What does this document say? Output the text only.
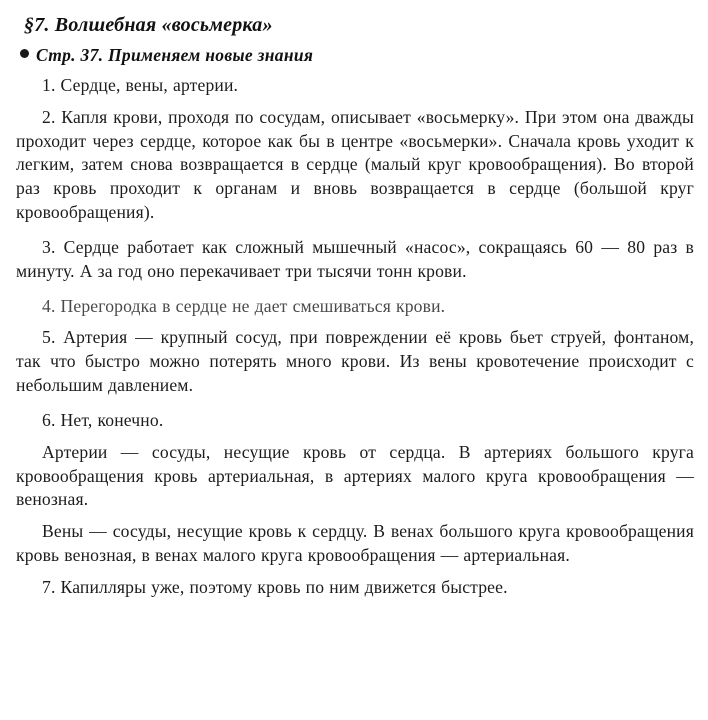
§7. Волшебная «восьмерка»
Стр. 37. Применяем новые знания

1. Сердце, вены, артерии.

2. Капля крови, проходя по сосудам, описывает «восьмерку». При этом она дважды проходит через сердце, которое как бы в центре «восьмерки». Сначала кровь уходит к легким, затем снова возвращается в сердце (малый круг кровообращения). Во второй раз кровь проходит к органам и вновь возвращается в сердце (большой круг кровообращения).

3. Сердце работает как сложный мышечный «насос», сокращаясь 60 — 80 раз в минуту. А за год оно перекачивает три тысячи тонн крови.

4. Перегородка в сердце не дает смешиваться крови.

5. Артерия — крупный сосуд, при повреждении её кровь бьет струей, фонтаном, так что быстро можно потерять много крови. Из вены кровотечение происходит с небольшим давлением.

6. Нет, конечно.

Артерии — сосуды, несущие кровь от сердца. В артериях большого круга кровообращения кровь артериальная, в артериях малого круга кровообращения — венозная.

Вены — сосуды, несущие кровь к сердцу. В венах большого круга кровообращения кровь венозная, в венах малого круга кровообращения — артериальная.

7. Капилляры уже, поэтому кровь по ним движется быстрее.
